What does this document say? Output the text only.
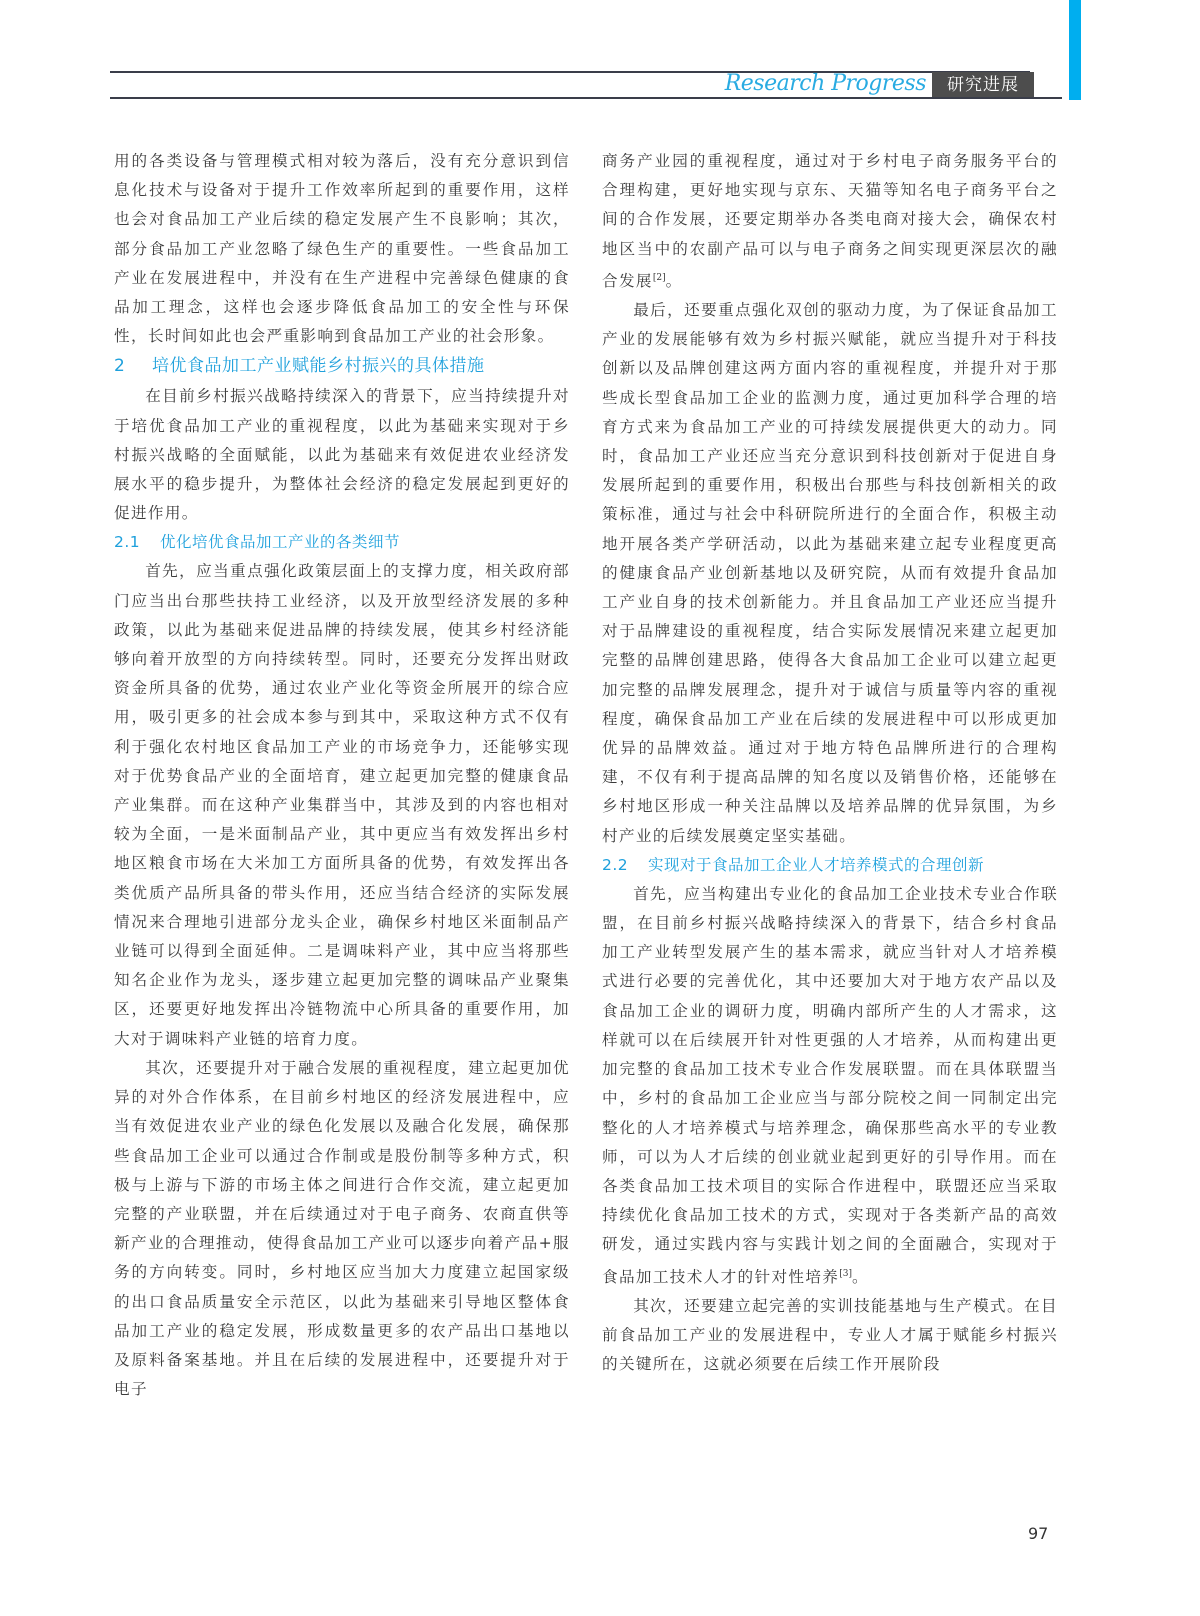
Research Progress	研究进展

用的各类设备与管理模式相对较为落后，没有充分意识到信息化技术与设备对于提升工作效率所起到的重要作用，这样也会对食品加工产业后续的稳定发展产生不良影响；其次，部分食品加工产业忽略了绿色生产的重要性。一些食品加工产业在发展进程中，并没有在生产进程中完善绿色健康的食品加工理念，这样也会逐步降低食品加工的安全性与环保性，长时间如此也会严重影响到食品加工产业的社会形象。

2 培优食品加工产业赋能乡村振兴的具体措施

在目前乡村振兴战略持续深入的背景下，应当持续提升对于培优食品加工产业的重视程度，以此为基础来实现对于乡村振兴战略的全面赋能，以此为基础来有效促进农业经济发展水平的稳步提升，为整体社会经济的稳定发展起到更好的促进作用。

2.1 优化培优食品加工产业的各类细节

首先，应当重点强化政策层面上的支撑力度，相关政府部门应当出台那些扶持工业经济，以及开放型经济发展的多种政策，以此为基础来促进品牌的持续发展，使其乡村经济能够向着开放型的方向持续转型。同时，还要充分发挥出财政资金所具备的优势，通过农业产业化等资金所展开的综合应用，吸引更多的社会成本参与到其中，采取这种方式不仅有利于强化农村地区食品加工产业的市场竞争力，还能够实现对于优势食品产业的全面培育，建立起更加完整的健康食品产业集群。而在这种产业集群当中，其涉及到的内容也相对较为全面，一是米面制品产业，其中更应当有效发挥出乡村地区粮食市场在大米加工方面所具备的优势，有效发挥出各类优质产品所具备的带头作用，还应当结合经济的实际发展情况来合理地引进部分龙头企业，确保乡村地区米面制品产业链可以得到全面延伸。二是调味料产业，其中应当将那些知名企业作为龙头，逐步建立起更加完整的调味品产业聚集区，还要更好地发挥出冷链物流中心所具备的重要作用，加大对于调味料产业链的培育力度。

其次，还要提升对于融合发展的重视程度，建立起更加优异的对外合作体系，在目前乡村地区的经济发展进程中，应当有效促进农业产业的绿色化发展以及融合化发展，确保那些食品加工企业可以通过合作制或是股份制等多种方式，积极与上游与下游的市场主体之间进行合作交流，建立起更加完整的产业联盟，并在后续通过对于电子商务、农商直供等新产业的合理推动，使得食品加工产业可以逐步向着产品+服务的方向转变。同时，乡村地区应当加大力度建立起国家级的出口食品质量安全示范区，以此为基础来引导地区整体食品加工产业的稳定发展，形成数量更多的农产品出口基地以及原料备案基地。并且在后续的发展进程中，还要提升对于电子

商务产业园的重视程度，通过对于乡村电子商务服务平台的合理构建，更好地实现与京东、天猫等知名电子商务平台之间的合作发展，还要定期举办各类电商对接大会，确保农村地区当中的农副产品可以与电子商务之间实现更深层次的融合发展[2]。

最后，还要重点强化双创的驱动力度，为了保证食品加工产业的发展能够有效为乡村振兴赋能，就应当提升对于科技创新以及品牌创建这两方面内容的重视程度，并提升对于那些成长型食品加工企业的监测力度，通过更加科学合理的培育方式来为食品加工产业的可持续发展提供更大的动力。同时，食品加工产业还应当充分意识到科技创新对于促进自身发展所起到的重要作用，积极出台那些与科技创新相关的政策标准，通过与社会中科研院所进行的全面合作，积极主动地开展各类产学研活动，以此为基础来建立起专业程度更高的健康食品产业创新基地以及研究院，从而有效提升食品加工产业自身的技术创新能力。并且食品加工产业还应当提升对于品牌建设的重视程度，结合实际发展情况来建立起更加完整的品牌创建思路，使得各大食品加工企业可以建立起更加完整的品牌发展理念，提升对于诚信与质量等内容的重视程度，确保食品加工产业在后续的发展进程中可以形成更加优异的品牌效益。通过对于地方特色品牌所进行的合理构建，不仅有利于提高品牌的知名度以及销售价格，还能够在乡村地区形成一种关注品牌以及培养品牌的优异氛围，为乡村产业的后续发展奠定坚实基础。

2.2 实现对于食品加工企业人才培养模式的合理创新

首先，应当构建出专业化的食品加工企业技术专业合作联盟，在目前乡村振兴战略持续深入的背景下，结合乡村食品加工产业转型发展产生的基本需求，就应当针对人才培养模式进行必要的完善优化，其中还要加大对于地方农产品以及食品加工企业的调研力度，明确内部所产生的人才需求，这样就可以在后续展开针对性更强的人才培养，从而构建出更加完整的食品加工技术专业合作发展联盟。而在具体联盟当中，乡村的食品加工企业应当与部分院校之间一同制定出完整化的人才培养模式与培养理念，确保那些高水平的专业教师，可以为人才后续的创业就业起到更好的引导作用。而在各类食品加工技术项目的实际合作进程中，联盟还应当采取持续优化食品加工技术的方式，实现对于各类新产品的高效研发，通过实践内容与实践计划之间的全面融合，实现对于食品加工技术人才的针对性培养[3]。

其次，还要建立起完善的实训技能基地与生产模式。在目前食品加工产业的发展进程中，专业人才属于赋能乡村振兴的关键所在，这就必须要在后续工作开展阶段

97
